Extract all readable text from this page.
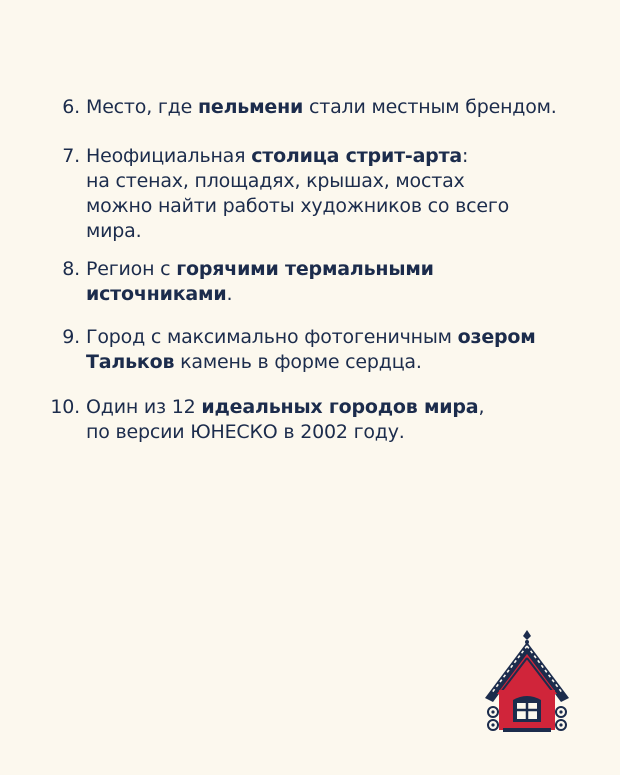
6. Место, где пельмени стали местным брендом.
7. Неофициальная столица стрит-арта:
на стенах, площадях, крышах, мостах
можно найти работы художников со всего
мира.
8. Регион с горячими термальными
источниками.
9. Город с максимально фотогеничным озером
Тальков камень в форме сердца.
10. Один из 12 идеальных городов мира,
по версии ЮНЕСКО в 2002 году.
